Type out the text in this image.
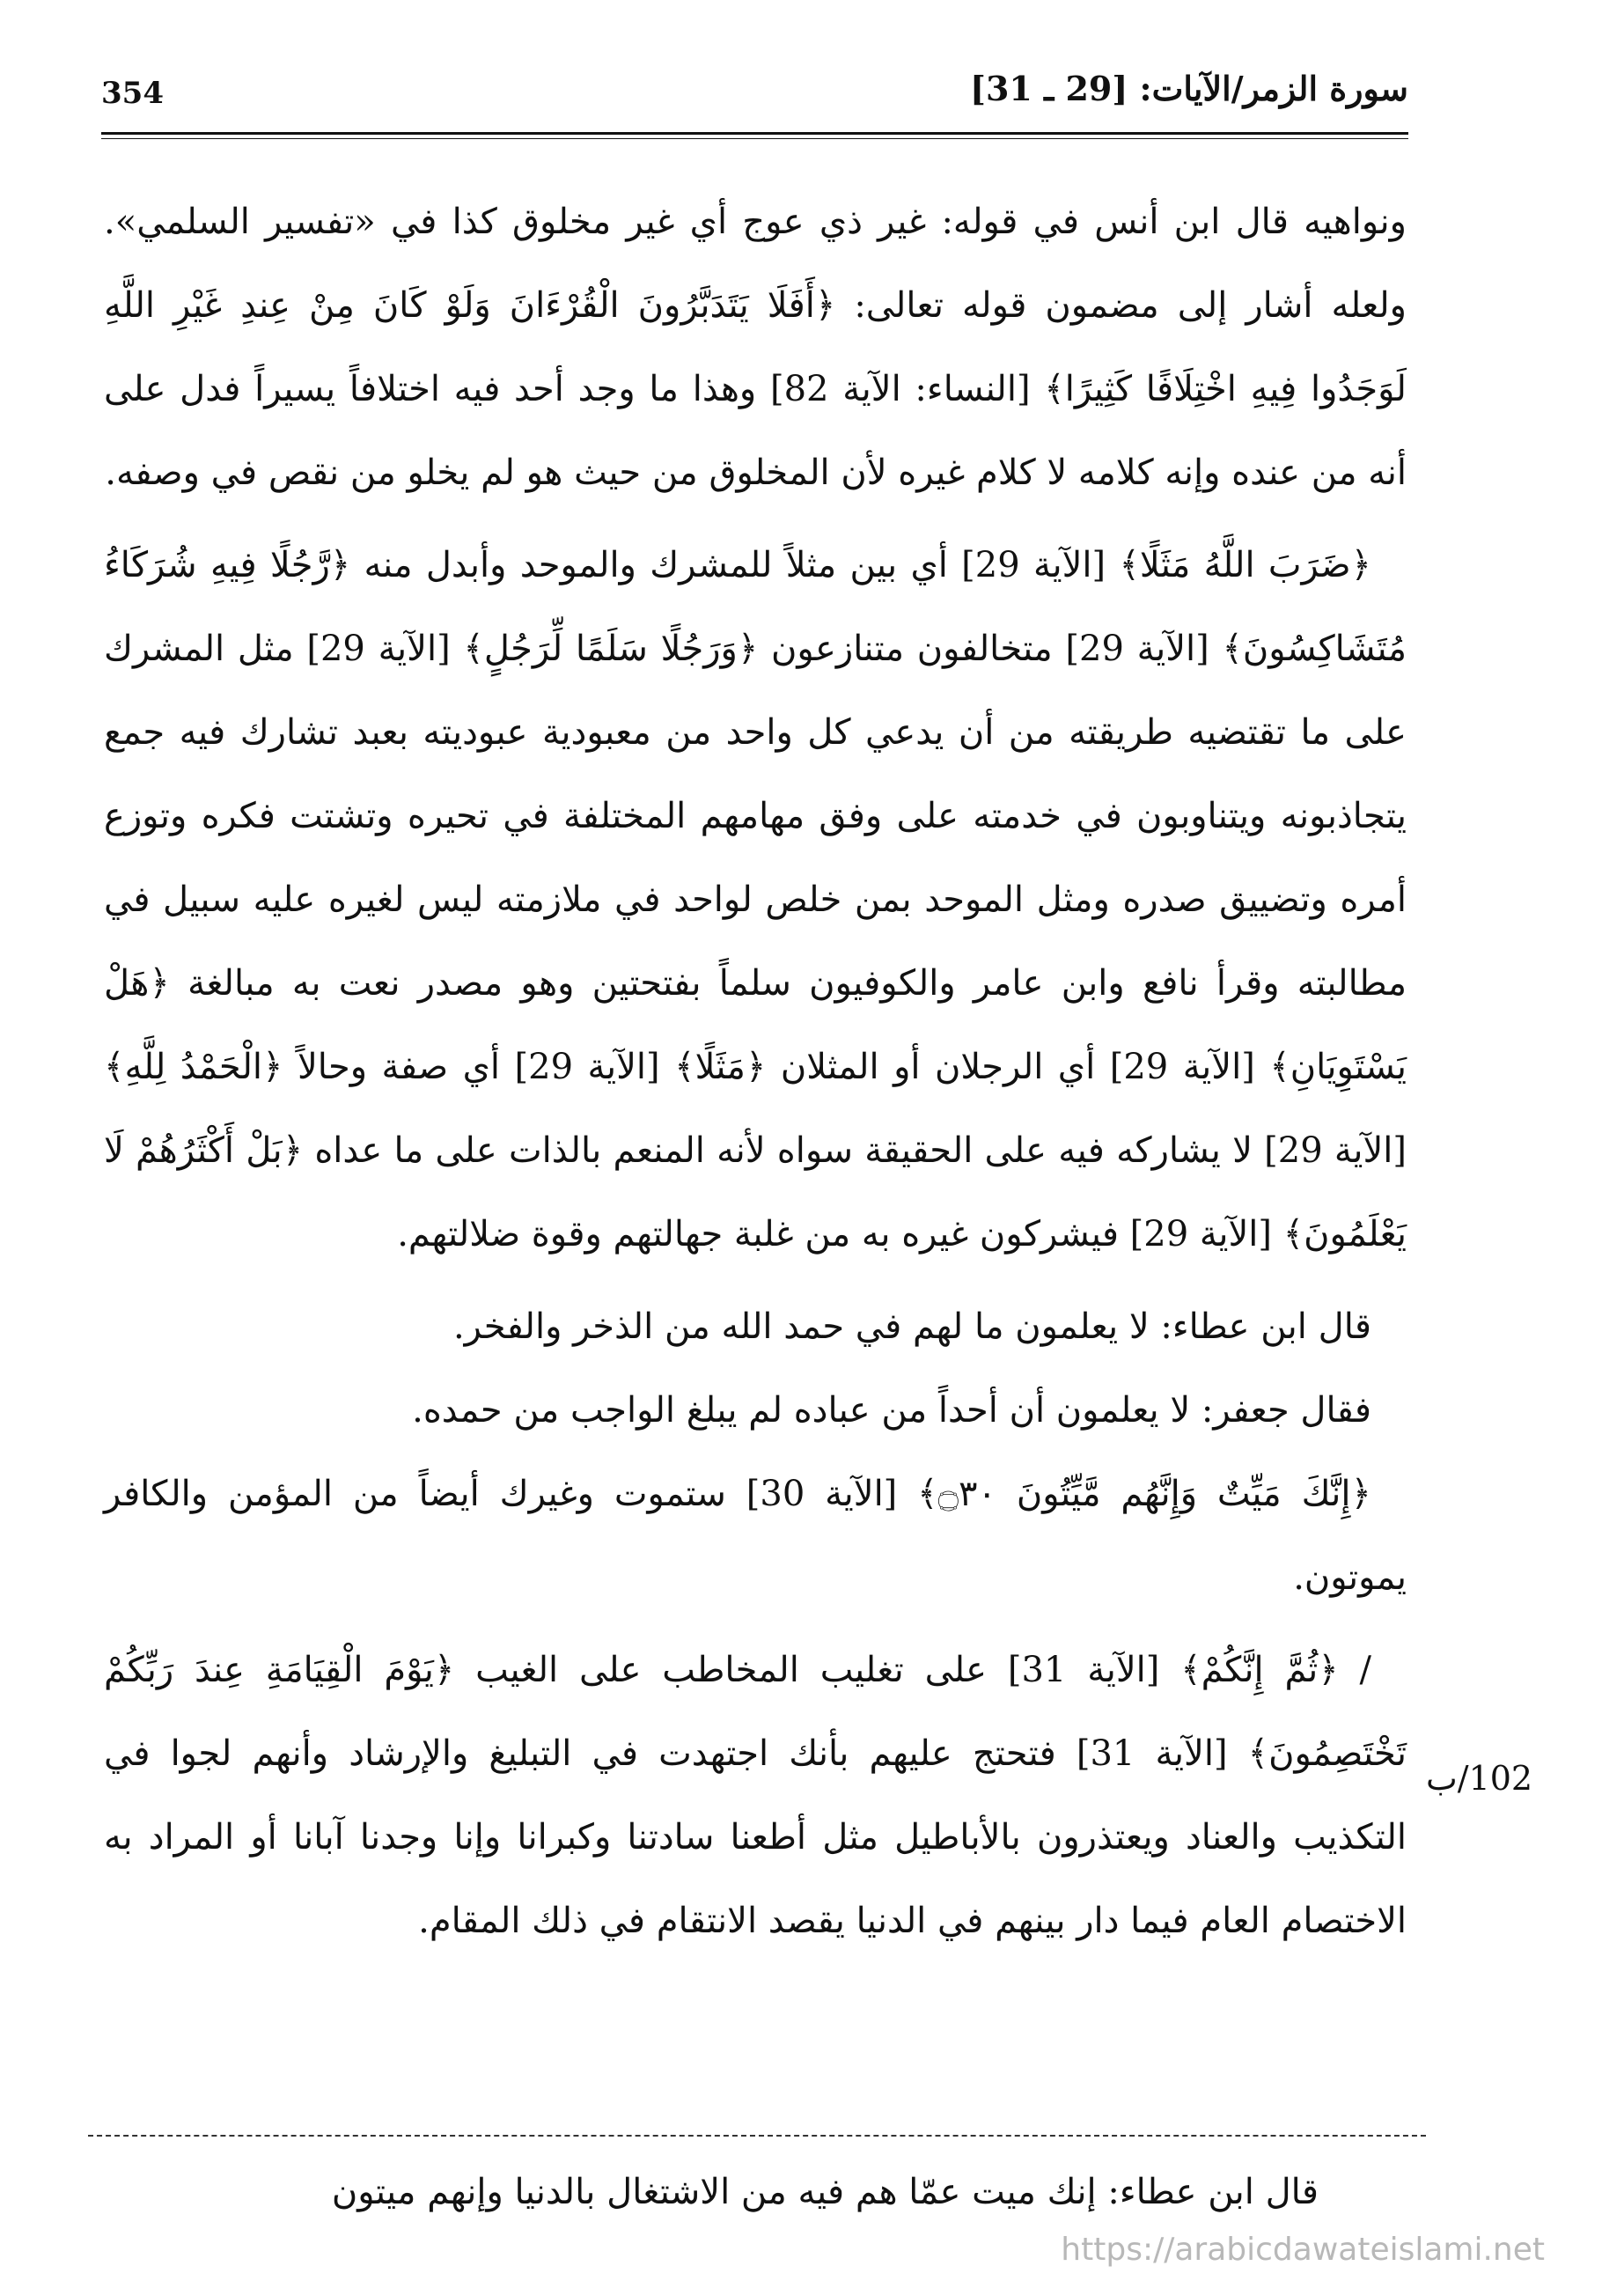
354	سورة الزمر/الآيات: [29 ـ 31]

ونواهيه قال ابن أنس في قوله: غير ذي عوج أي غير مخلوق كذا في «تفسير السلمي». ولعله أشار إلى مضمون قوله تعالى: ﴿أَفَلَا يَتَدَبَّرُونَ الْقُرْءَانَ وَلَوْ كَانَ مِنْ عِندِ غَيْرِ اللَّهِ لَوَجَدُوا فِيهِ اخْتِلَافًا كَثِيرًا﴾ [النساء: الآية 82] وهذا ما وجد أحد فيه اختلافاً يسيراً فدل على أنه من عنده وإنه كلامه لا كلام غيره لأن المخلوق من حيث هو لم يخلو من نقص في وصفه.

﴿ضَرَبَ اللَّهُ مَثَلًا﴾ [الآية 29] أي بين مثلاً للمشرك والموحد وأبدل منه ﴿رَّجُلًا فِيهِ شُرَكَاءُ مُتَشَاكِسُونَ﴾ [الآية 29] متخالفون متنازعون ﴿وَرَجُلًا سَلَمًا لِّرَجُلٍ﴾ [الآية 29] مثل المشرك على ما تقتضيه طريقته من أن يدعي كل واحد من معبودية عبوديته بعبد تشارك فيه جمع يتجاذبونه ويتناوبون في خدمته على وفق مهامهم المختلفة في تحيره وتشتت فكره وتوزع أمره وتضييق صدره ومثل الموحد بمن خلص لواحد في ملازمته ليس لغيره عليه سبيل في مطالبته وقرأ نافع وابن عامر والكوفيون سلماً بفتحتين وهو مصدر نعت به مبالغة ﴿هَلْ يَسْتَوِيَانِ﴾ [الآية 29] أي الرجلان أو المثلان ﴿مَثَلًا﴾ [الآية 29] أي صفة وحالاً ﴿الْحَمْدُ لِلَّهِ﴾ [الآية 29] لا يشاركه فيه على الحقيقة سواه لأنه المنعم بالذات على ما عداه ﴿بَلْ أَكْثَرُهُمْ لَا يَعْلَمُونَ﴾ [الآية 29] فيشركون غيره به من غلبة جهالتهم وقوة ضلالتهم.

قال ابن عطاء: لا يعلمون ما لهم في حمد الله من الذخر والفخر.

فقال جعفر: لا يعلمون أن أحداً من عباده لم يبلغ الواجب من حمده.

﴿إِنَّكَ مَيِّتٌ وَإِنَّهُم مَّيِّتُونَ ۝٣٠﴾ [الآية 30] ستموت وغيرك أيضاً من المؤمن والكافر يموتون.

/ ﴿ثُمَّ إِنَّكُمْ﴾ [الآية 31] على تغليب المخاطب على الغيب ﴿يَوْمَ الْقِيَامَةِ عِندَ رَبِّكُمْ تَخْتَصِمُونَ﴾ [الآية 31] فتحتج عليهم بأنك اجتهدت في التبليغ والإرشاد وأنهم لجوا في التكذيب والعناد ويعتذرون بالأباطيل مثل أطعنا سادتنا وكبرانا وإنا وجدنا آبانا أو المراد به الاختصام العام فيما دار بينهم في الدنيا يقصد الانتقام في ذلك المقام.

102/ب
قال ابن عطاء: إنك ميت عمّا هم فيه من الاشتغال بالدنيا وإنهم ميتون
https://arabicdawateislami.net
